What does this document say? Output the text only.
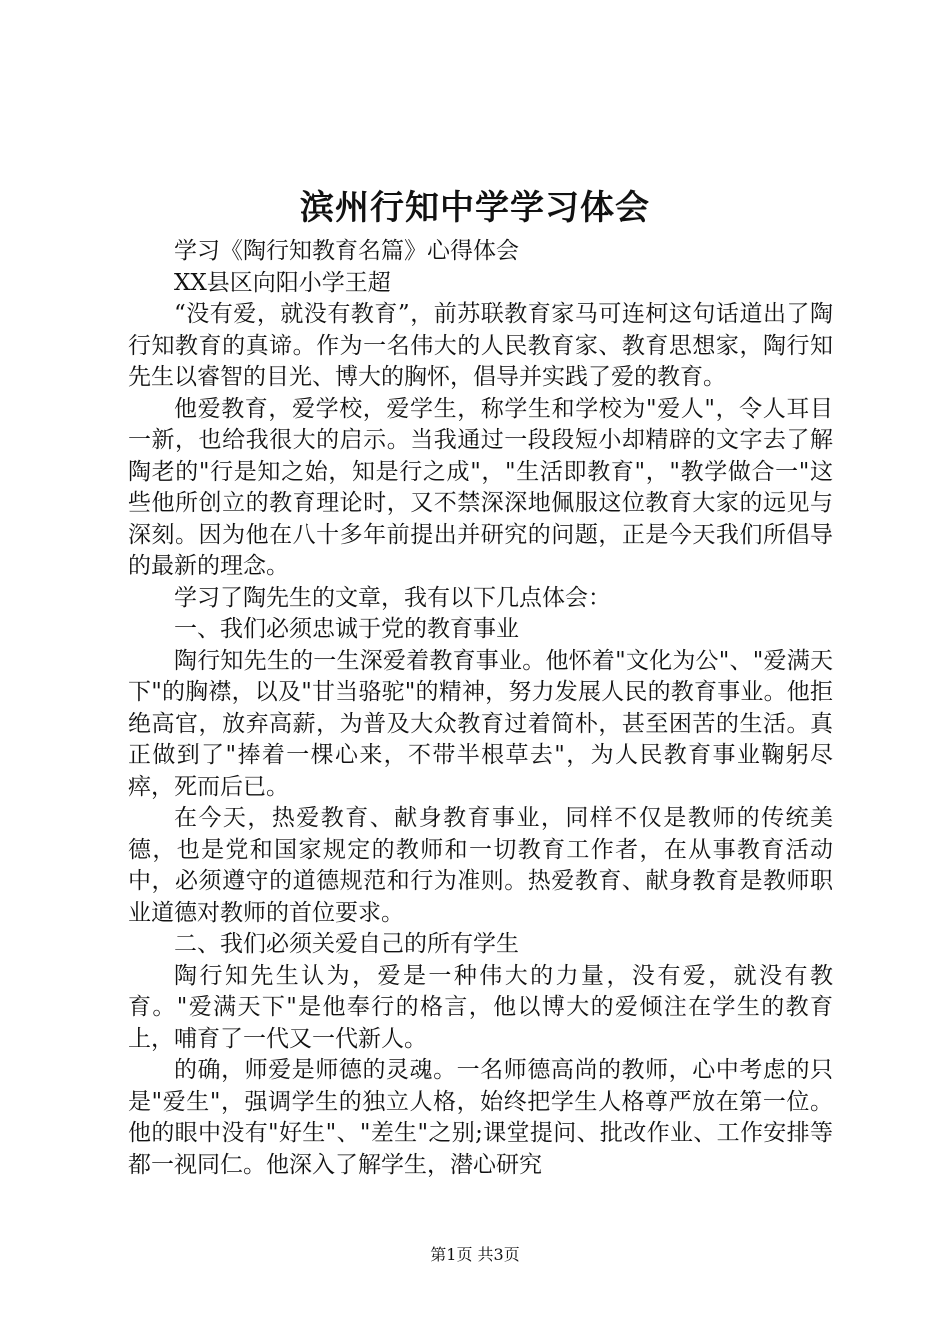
滨州行知中学学习体会

学习《陶行知教育名篇》心得体会

XX县区向阳小学王超

“没有爱，就没有教育”，前苏联教育家马可连柯这句话道出了陶行知教育的真谛。作为一名伟大的人民教育家、教育思想家，陶行知先生以睿智的目光、博大的胸怀，倡导并实践了爱的教育。

他爱教育，爱学校，爱学生，称学生和学校为"爱人"，令人耳目一新，也给我很大的启示。当我通过一段段短小却精辟的文字去了解陶老的"行是知之始，知是行之成"，"生活即教育"，"教学做合一"这些他所创立的教育理论时，又不禁深深地佩服这位教育大家的远见与深刻。因为他在八十多年前提出并研究的问题，正是今天我们所倡导的最新的理念。

学习了陶先生的文章，我有以下几点体会：

一、我们必须忠诚于党的教育事业

陶行知先生的一生深爱着教育事业。他怀着"文化为公"、"爱满天下"的胸襟，以及"甘当骆驼"的精神，努力发展人民的教育事业。他拒绝高官，放弃高薪，为普及大众教育过着简朴，甚至困苦的生活。真正做到了"捧着一棵心来，不带半根草去"，为人民教育事业鞠躬尽瘁，死而后已。

在今天，热爱教育、献身教育事业，同样不仅是教师的传统美德，也是党和国家规定的教师和一切教育工作者，在从事教育活动中，必须遵守的道德规范和行为准则。热爱教育、献身教育是教师职业道德对教师的首位要求。

二、我们必须关爱自己的所有学生

陶行知先生认为，爱是一种伟大的力量，没有爱，就没有教育。"爱满天下"是他奉行的格言，他以博大的爱倾注在学生的教育上，哺育了一代又一代新人。

的确，师爱是师德的灵魂。一名师德高尚的教师，心中考虑的只是"爱生"，强调学生的独立人格，始终把学生人格尊严放在第一位。他的眼中没有"好生"、"差生"之别;课堂提问、批改作业、工作安排等都一视同仁。他深入了解学生，潜心研究

第1页 共3页
